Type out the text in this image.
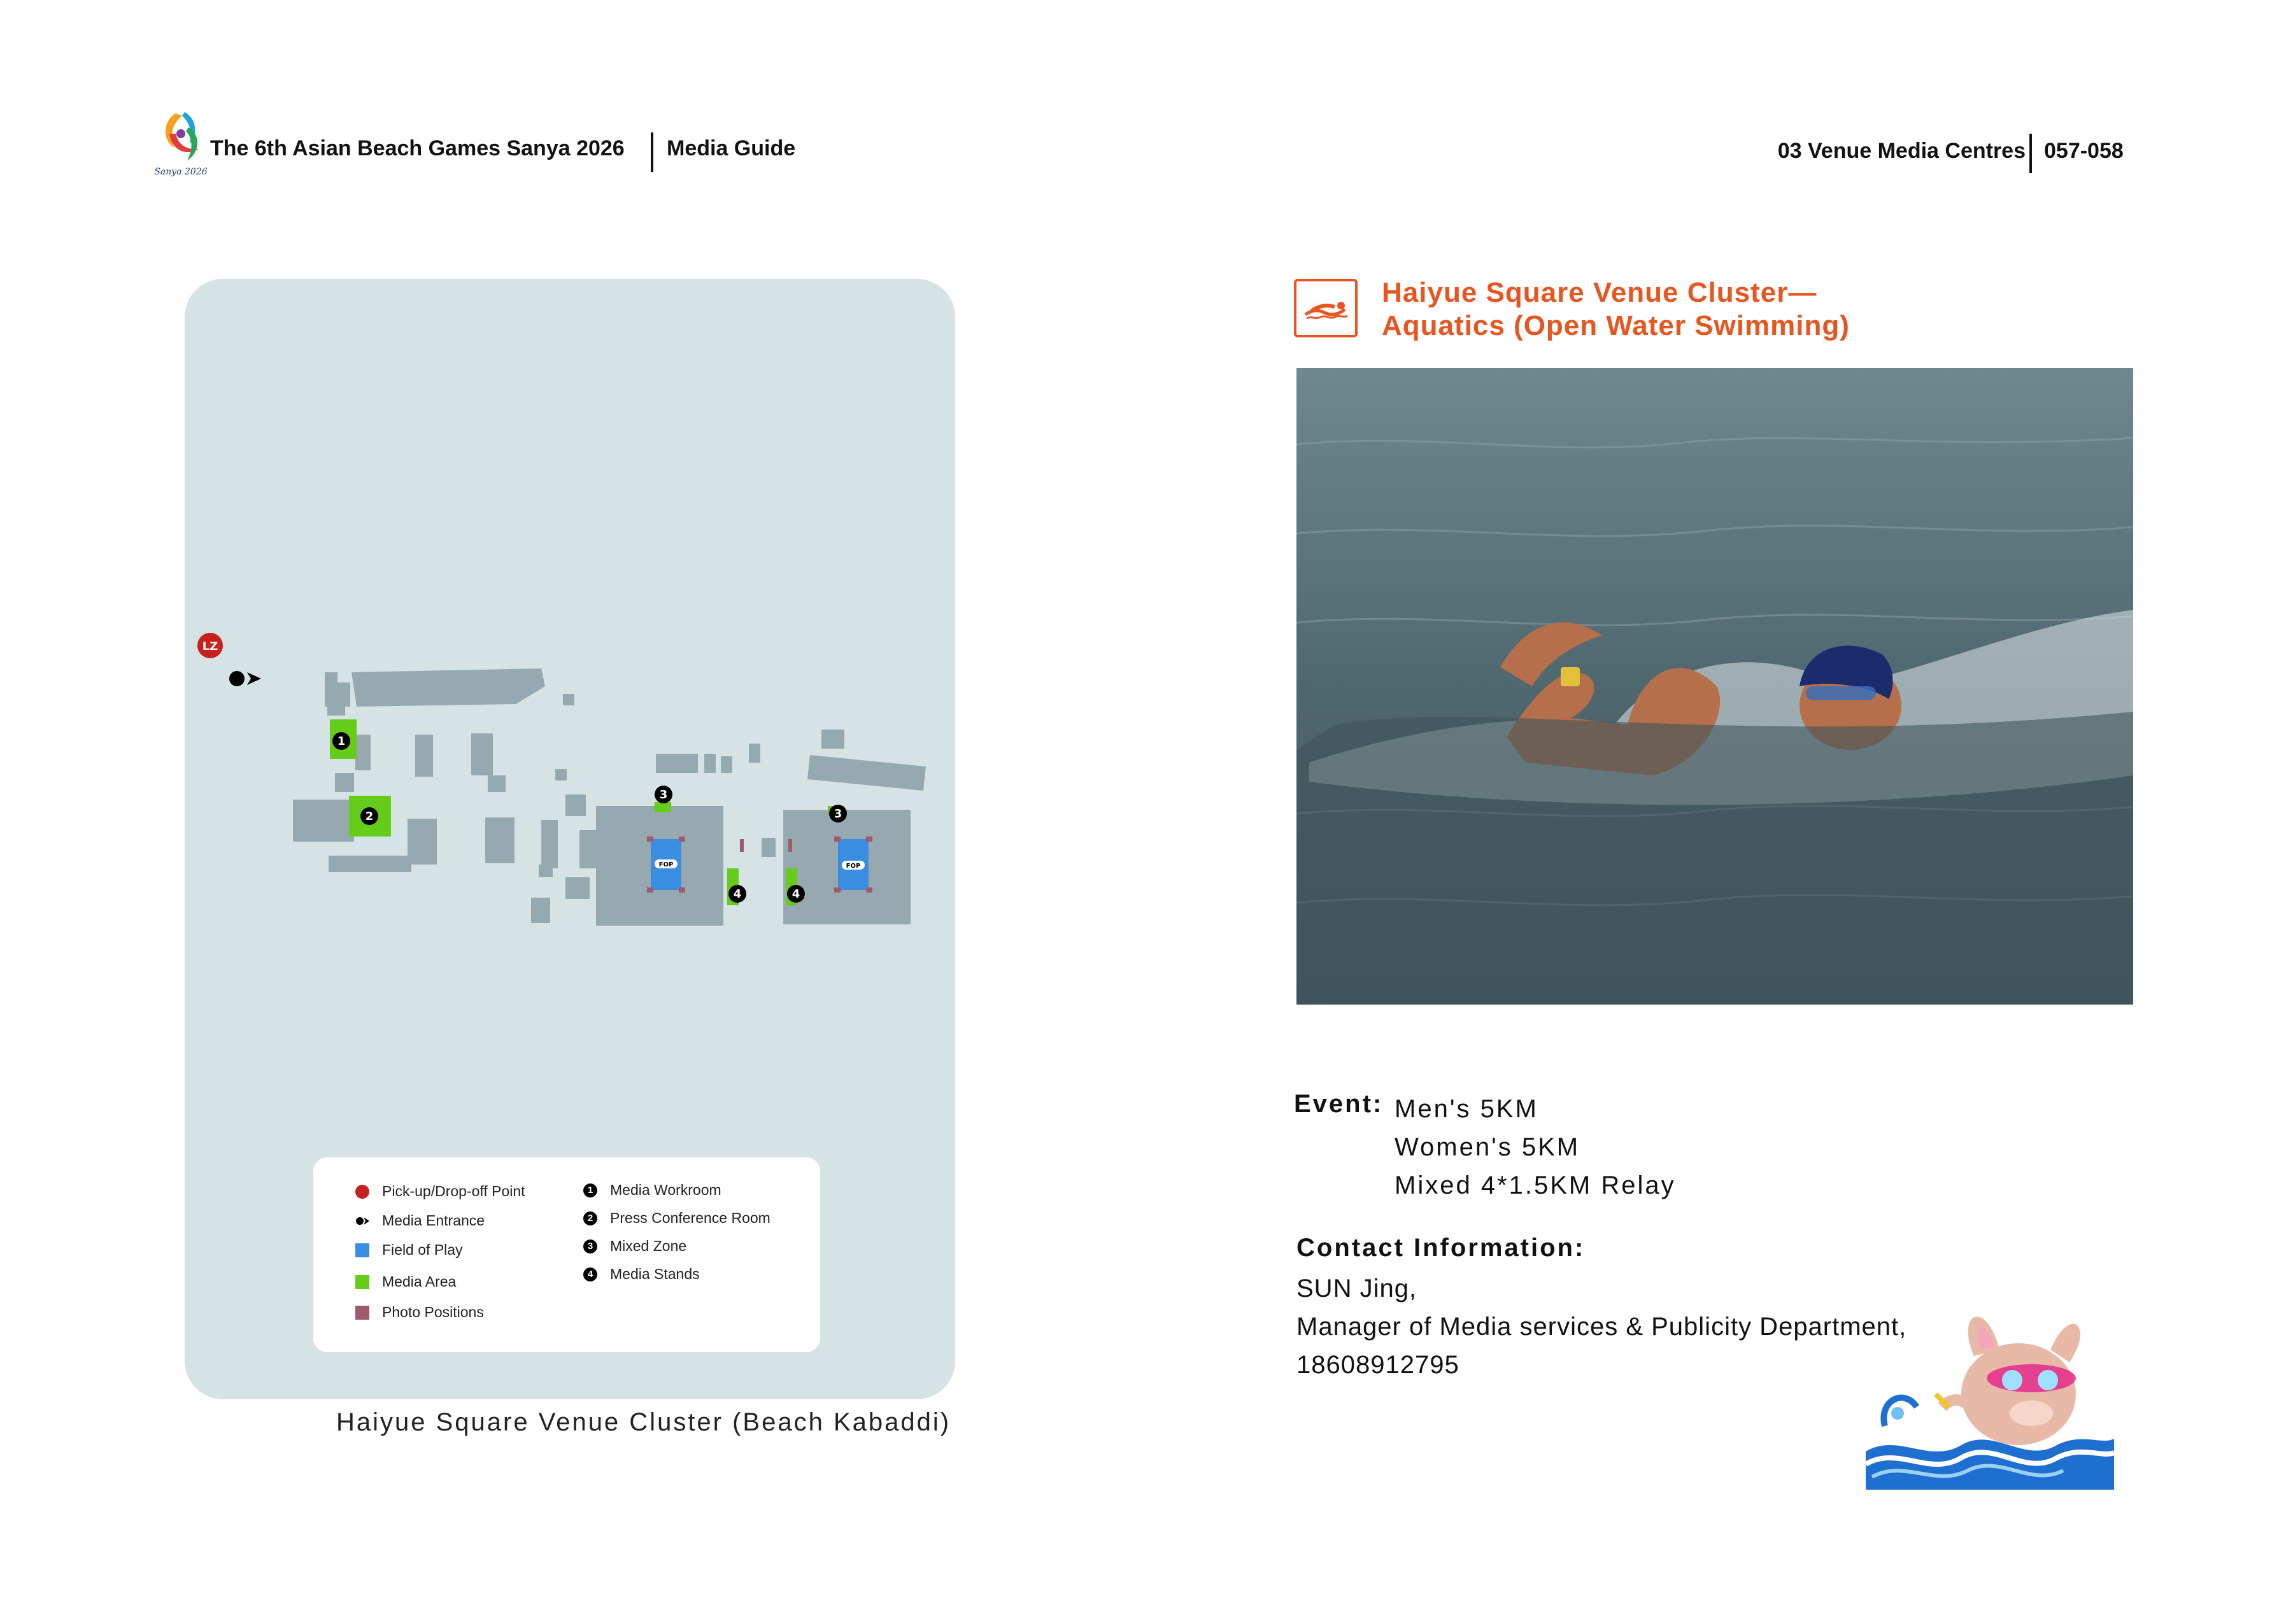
Sanya 2026
The 6th Asian Beach Games Sanya 2026 Media Guide	03 Venue Media Centres 057-058
FOP	FOP
1
2
3
3
4	4
LZ
Pick-up/Drop-off Point
Media Entrance
Field of Play
Media Area
Photo Positions
1 Media Workroom
2 Press Conference Room
3 Mixed Zone
4 Media Stands
Haiyue Square Venue Cluster (Beach Kabaddi)
Haiyue Square Venue Cluster—
Aquatics (Open Water Swimming)
Event: Men's 5KM
Women's 5KM
Mixed 4*1.5KM Relay
Contact Information:
SUN Jing,
Manager of Media services & Publicity Department,
18608912795
